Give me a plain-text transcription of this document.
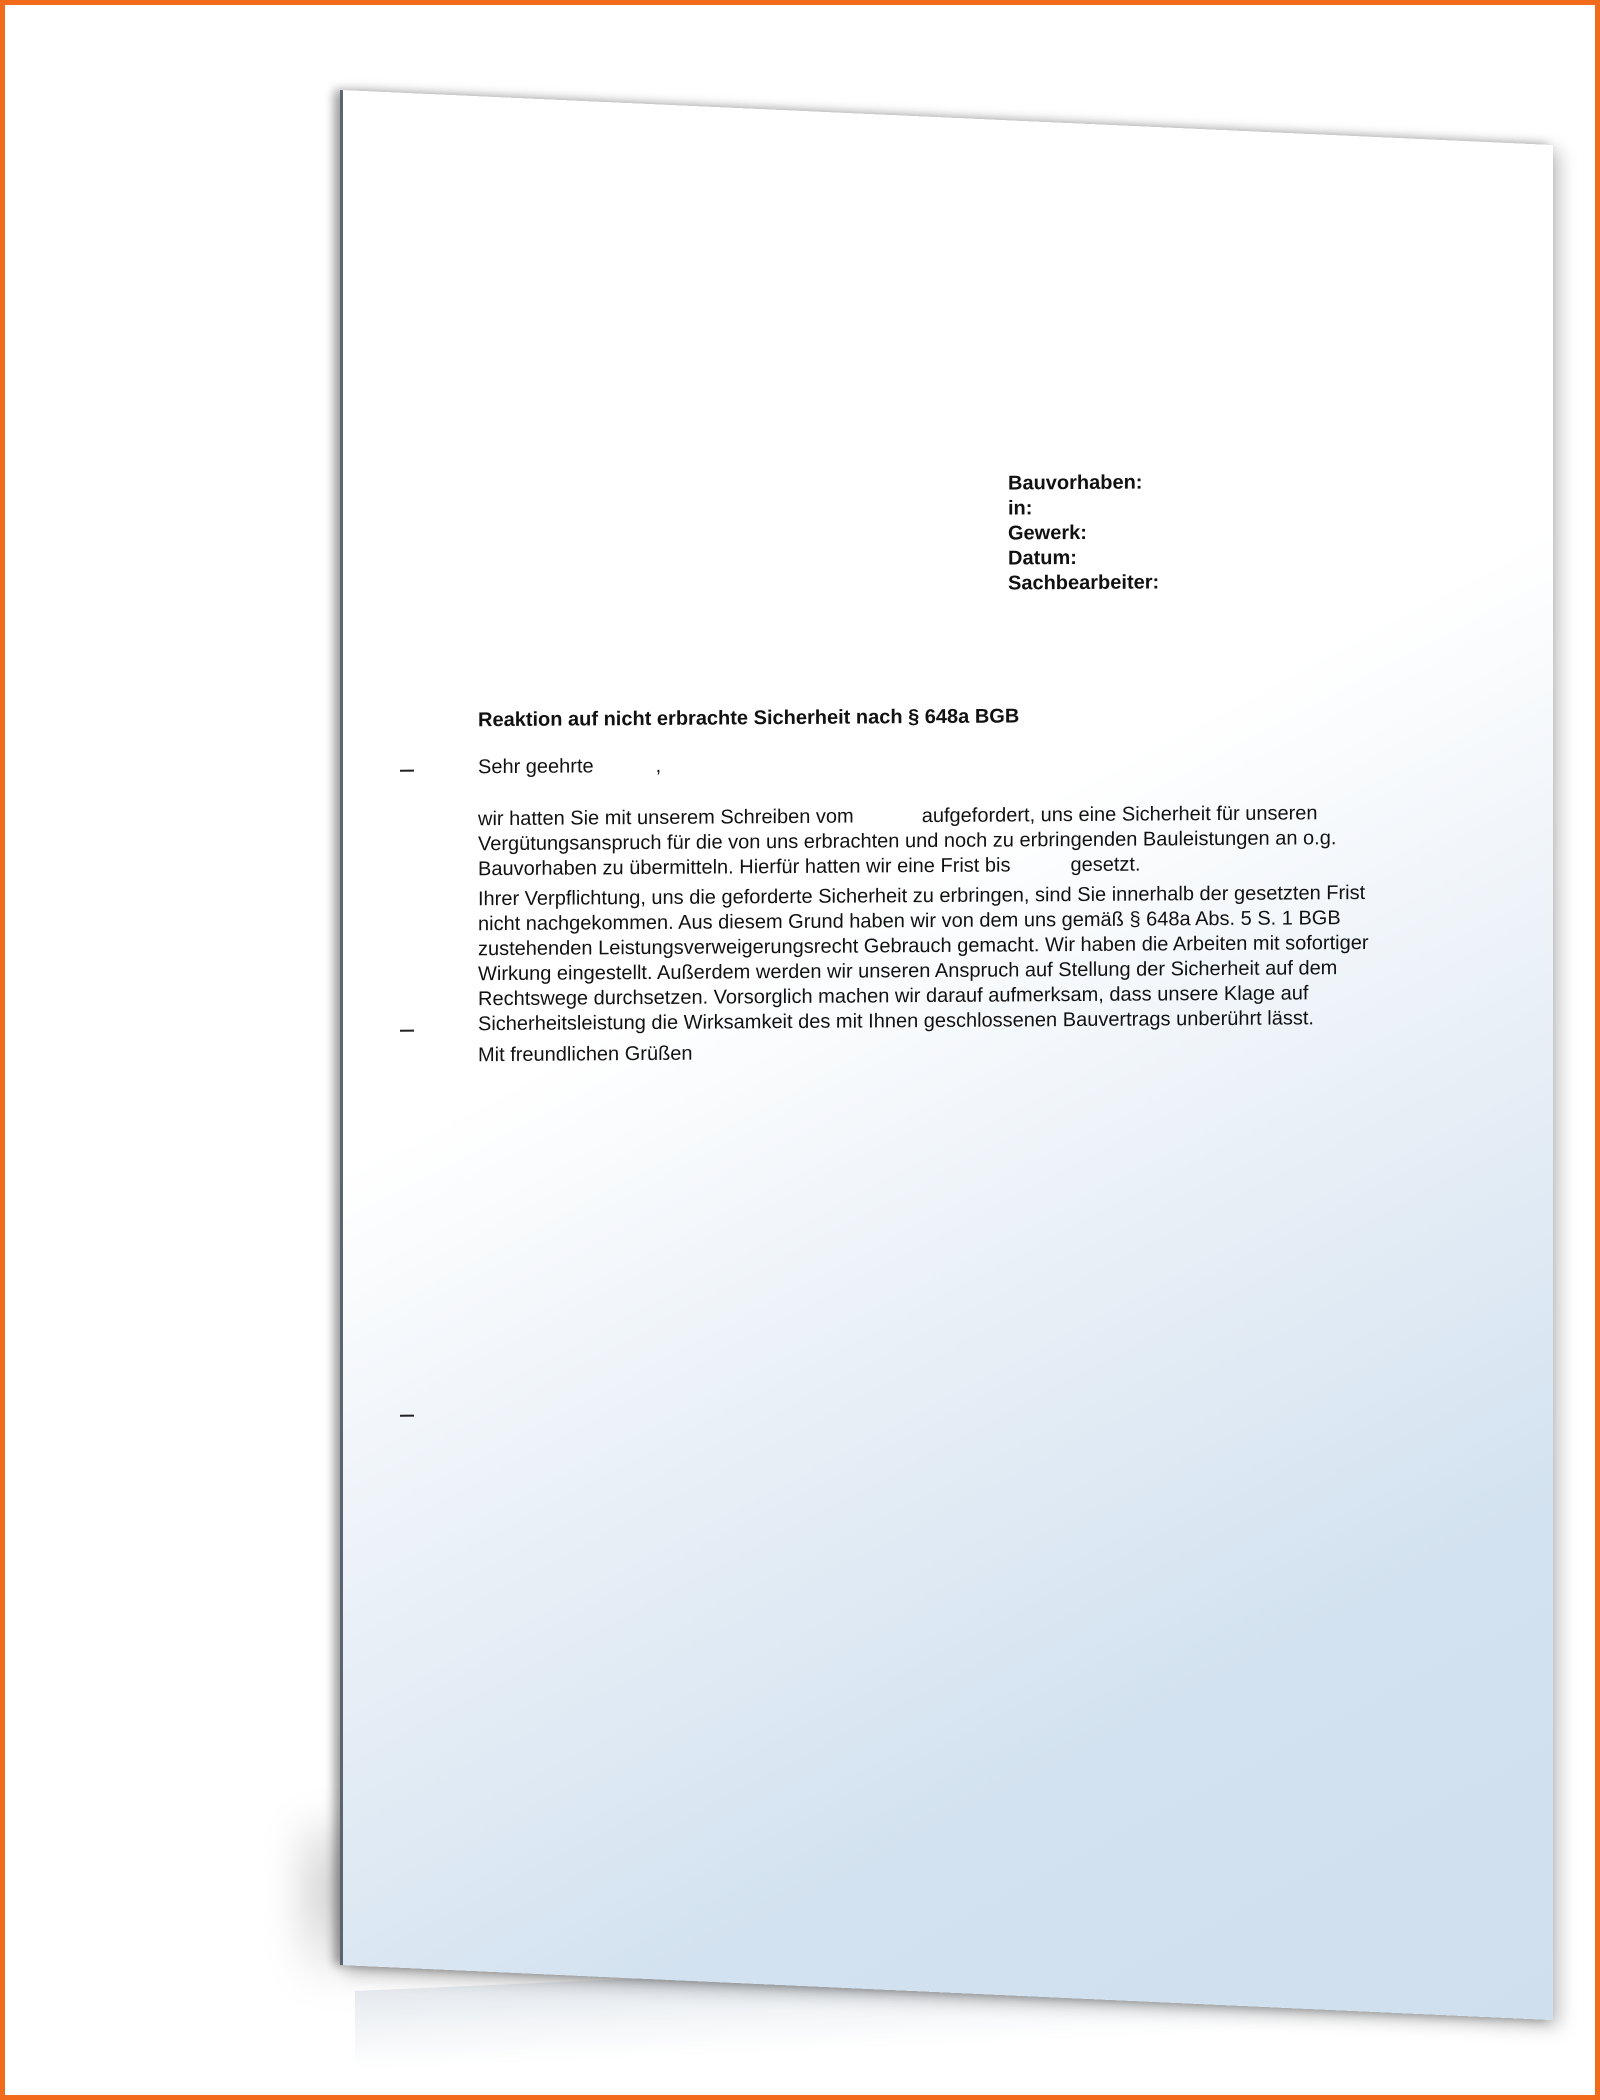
Bauvorhaben:
in:
Gewerk:
Datum:
Sachbearbeiter:
Reaktion auf nicht erbrachte Sicherheit nach § 648a BGB
Sehr geehrte	,
wir hatten Sie mit unserem Schreiben vom	aufgefordert, uns eine Sicherheit für unseren
Vergütungsanspruch für die von uns erbrachten und noch zu erbringenden Bauleistungen an o.g.
Bauvorhaben zu übermitteln. Hierfür hatten wir eine Frist bis	gesetzt.
Ihrer Verpflichtung, uns die geforderte Sicherheit zu erbringen, sind Sie innerhalb der gesetzten Frist
nicht nachgekommen. Aus diesem Grund haben wir von dem uns gemäß § 648a Abs. 5 S. 1 BGB
zustehenden Leistungsverweigerungsrecht Gebrauch gemacht. Wir haben die Arbeiten mit sofortiger
Wirkung eingestellt. Außerdem werden wir unseren Anspruch auf Stellung der Sicherheit auf dem
Rechtswege durchsetzen. Vorsorglich machen wir darauf aufmerksam, dass unsere Klage auf
Sicherheitsleistung die Wirksamkeit des mit Ihnen geschlossenen Bauvertrags unberührt lässt.
Mit freundlichen Grüßen
